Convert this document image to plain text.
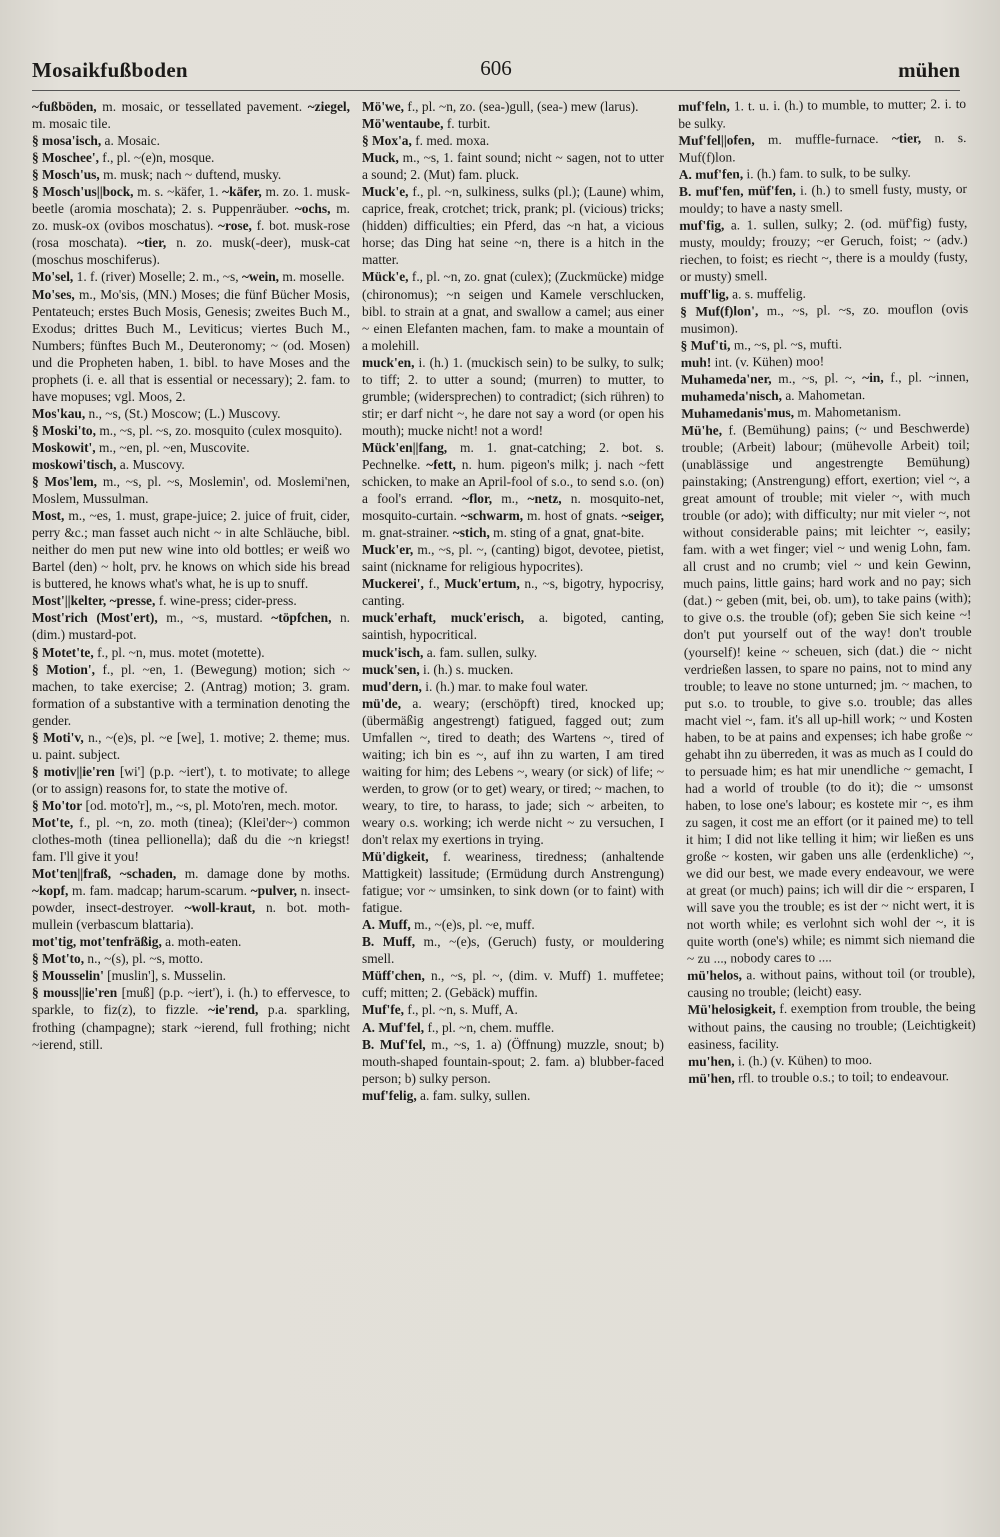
Mosaikfußboden	606	mühen

~fußböden, m. mosaic, or tessellated pavement. ~ziegel, m. mosaic tile.

§ mosa'isch, a. Mosaic.

§ Moschee', f., pl. ~(e)n, mosque.

§ Mosch'us, m. musk; nach ~ duftend, musky.

§ Mosch'us||bock, m. s. ~käfer, 1. ~käfer, m. zo. 1. musk-beetle (aromia moschata); 2. s. Puppenräuber. ~ochs, m. zo. musk-ox (ovibos moschatus). ~rose, f. bot. musk-rose (rosa moschata). ~tier, n. zo. musk(-deer), musk-cat (moschus moschiferus).

Mo'sel, 1. f. (river) Moselle; 2. m., ~s, ~wein, m. moselle.

Mo'ses, m., Mo'sis, (MN.) Moses; die fünf Bücher Mosis, Pentateuch; erstes Buch Mosis, Genesis; zweites Buch M., Exodus; drittes Buch M., Leviticus; viertes Buch M., Numbers; fünftes Buch M., Deuteronomy; ~ (od. Mosen) und die Propheten haben, 1. bibl. to have Moses and the prophets (i. e. all that is essential or necessary); 2. fam. to have mopuses; vgl. Moos, 2.

Mos'kau, n., ~s, (St.) Moscow; (L.) Muscovy.

§ Moski'to, m., ~s, pl. ~s, zo. mosquito (culex mosquito).

Moskowit', m., ~en, pl. ~en, Muscovite.

moskowi'tisch, a. Muscovy.

§ Mos'lem, m., ~s, pl. ~s, Moslemin', od. Moslemi'nen, Moslem, Mussulman.

Most, m., ~es, 1. must, grape-juice; 2. juice of fruit, cider, perry &c.; man fasset auch nicht ~ in alte Schläuche, bibl. neither do men put new wine into old bottles; er weiß wo Bartel (den) ~ holt, prv. he knows on which side his bread is buttered, he knows what's what, he is up to snuff.

Most'||kelter, ~presse, f. wine-press; cider-press.

Most'rich (Most'ert), m., ~s, mustard. ~töpfchen, n. (dim.) mustard-pot.

§ Motet'te, f., pl. ~n, mus. motet (motette).

§ Motion', f., pl. ~en, 1. (Bewegung) motion; sich ~ machen, to take exercise; 2. (Antrag) motion; 3. gram. formation of a substantive with a termination denoting the gender.

§ Moti'v, n., ~(e)s, pl. ~e [we], 1. motive; 2. theme; mus. u. paint. subject.

§ motiv||ie'ren [wi'] (p.p. ~iert'), t. to motivate; to allege (or to assign) reasons for, to state the motive of.

§ Mo'tor [od. moto'r], m., ~s, pl. Moto'ren, mech. motor.

Mot'te, f., pl. ~n, zo. moth (tinea); (Klei'der~) common clothes-moth (tinea pellionella); daß du die ~n kriegst! fam. I'll give it you!

Mot'ten||fraß, ~schaden, m. damage done by moths. ~kopf, m. fam. madcap; harum-scarum. ~pulver, n. insect-powder, insect-destroyer. ~woll-kraut, n. bot. moth-mullein (verbascum blattaria).

mot'tig, mot'tenfräßig, a. moth-eaten.

§ Mot'to, n., ~(s), pl. ~s, motto.

§ Mousselin' [muslin'], s. Musselin.

§ mouss||ie'ren [muß] (p.p. ~iert'), i. (h.) to effervesce, to sparkle, to fiz(z), to fizzle. ~ie'rend, p.a. sparkling, frothing (champagne); stark ~ierend, full frothing; nicht ~ierend, still.

Mö'we, f., pl. ~n, zo. (sea-)gull, (sea-) mew (larus).

Mö'wentaube, f. turbit.

§ Mox'a, f. med. moxa.

Muck, m., ~s, 1. faint sound; nicht ~ sagen, not to utter a sound; 2. (Mut) fam. pluck.

Muck'e, f., pl. ~n, sulkiness, sulks (pl.); (Laune) whim, caprice, freak, crotchet; trick, prank; pl. (vicious) tricks; (hidden) difficulties; ein Pferd, das ~n hat, a vicious horse; das Ding hat seine ~n, there is a hitch in the matter.

Mück'e, f., pl. ~n, zo. gnat (culex); (Zuckmücke) midge (chironomus); ~n seigen und Kamele verschlucken, bibl. to strain at a gnat, and swallow a camel; aus einer ~ einen Elefanten machen, fam. to make a mountain of a molehill.

muck'en, i. (h.) 1. (muckisch sein) to be sulky, to sulk; to tiff; 2. to utter a sound; (murren) to mutter, to grumble; (widersprechen) to contradict; (sich rühren) to stir; er darf nicht ~, he dare not say a word (or open his mouth); mucke nicht! not a word!

Mück'en||fang, m. 1. gnat-catching; 2. bot. s. Pechnelke. ~fett, n. hum. pigeon's milk; j. nach ~fett schicken, to make an April-fool of s.o., to send s.o. (on) a fool's errand. ~flor, m., ~netz, n. mosquito-net, mosquito-curtain. ~schwarm, m. host of gnats. ~seiger, m. gnat-strainer. ~stich, m. sting of a gnat, gnat-bite.

Muck'er, m., ~s, pl. ~, (canting) bigot, devotee, pietist, saint (nickname for religious hypocrites).

Muckerei', f., Muck'ertum, n., ~s, bigotry, hypocrisy, canting.

muck'erhaft, muck'erisch, a. bigoted, canting, saintish, hypocritical.

muck'isch, a. fam. sullen, sulky.

muck'sen, i. (h.) s. mucken.

mud'dern, i. (h.) mar. to make foul water.

mü'de, a. weary; (erschöpft) tired, knocked up; (übermäßig angestrengt) fatigued, fagged out; zum Umfallen ~, tired to death; des Wartens ~, tired of waiting; ich bin es ~, auf ihn zu warten, I am tired waiting for him; des Lebens ~, weary (or sick) of life; ~ werden, to grow (or to get) weary, or tired; ~ machen, to weary, to tire, to harass, to jade; sich ~ arbeiten, to weary o.s. working; ich werde nicht ~ zu versuchen, I don't relax my exertions in trying.

Mü'digkeit, f. weariness, tiredness; (anhaltende Mattigkeit) lassitude; (Ermüdung durch Anstrengung) fatigue; vor ~ umsinken, to sink down (or to faint) with fatigue.

A. Muff, m., ~(e)s, pl. ~e, muff.

B. Muff, m., ~(e)s, (Geruch) fusty, or mouldering smell.

Müff'chen, n., ~s, pl. ~, (dim. v. Muff) 1. muffetee; cuff; mitten; 2. (Gebäck) muffin.

Muf'fe, f., pl. ~n, s. Muff, A.

A. Muf'fel, f., pl. ~n, chem. muffle.

B. Muf'fel, m., ~s, 1. a) (Öffnung) muzzle, snout; b) mouth-shaped fountain-spout; 2. fam. a) blubber-faced person; b) sulky person.

muf'felig, a. fam. sulky, sullen.

muf'feln, 1. t. u. i. (h.) to mumble, to mutter; 2. i. to be sulky.

Muf'fel||ofen, m. muffle-furnace. ~tier, n. s. Muf(f)lon.

A. muf'fen, i. (h.) fam. to sulk, to be sulky.

B. muf'fen, müf'fen, i. (h.) to smell fusty, musty, or mouldy; to have a nasty smell.

muf'fig, a. 1. sullen, sulky; 2. (od. müf'fig) fusty, musty, mouldy; frouzy; ~er Geruch, foist; ~ (adv.) riechen, to foist; es riecht ~, there is a mouldy (fusty, or musty) smell.

muff'lig, a. s. muffelig.

§ Muf(f)lon', m., ~s, pl. ~s, zo. mouflon (ovis musimon).

§ Muf'ti, m., ~s, pl. ~s, mufti.

muh! int. (v. Kühen) moo!

Muhameda'ner, m., ~s, pl. ~, ~in, f., pl. ~innen, muhameda'nisch, a. Mahometan.

Muhamedanis'mus, m. Mahometanism.

Mü'he, f. (Bemühung) pains; (~ und Beschwerde) trouble; (Arbeit) labour; (mühevolle Arbeit) toil; (unablässige und angestrengte Bemühung) painstaking; (Anstrengung) effort, exertion; viel ~, a great amount of trouble; mit vieler ~, with much trouble (or ado); with difficulty; nur mit vieler ~, not without considerable pains; mit leichter ~, easily; fam. with a wet finger; viel ~ und wenig Lohn, fam. all crust and no crumb; viel ~ und kein Gewinn, much pains, little gains; hard work and no pay; sich (dat.) ~ geben (mit, bei, ob. um), to take pains (with); to give o.s. the trouble (of); geben Sie sich keine ~! don't put yourself out of the way! don't trouble (yourself)! keine ~ scheuen, sich (dat.) die ~ nicht verdrießen lassen, to spare no pains, not to mind any trouble; to leave no stone unturned; jm. ~ machen, to put s.o. to trouble, to give s.o. trouble; das alles macht viel ~, fam. it's all up-hill work; ~ und Kosten haben, to be at pains and expenses; ich habe große ~ gehabt ihn zu überreden, it was as much as I could do to persuade him; es hat mir unendliche ~ gemacht, I had a world of trouble (to do it); die ~ umsonst haben, to lose one's labour; es kostete mir ~, es ihm zu sagen, it cost me an effort (or it pained me) to tell it him; I did not like telling it him; wir ließen es uns große ~ kosten, wir gaben uns alle (erdenkliche) ~, we did our best, we made every endeavour, we were at great (or much) pains; ich will dir die ~ ersparen, I will save you the trouble; es ist der ~ nicht wert, it is not worth while; es verlohnt sich wohl der ~, it is quite worth (one's) while; es nimmt sich niemand die ~ zu ..., nobody cares to ....

mü'helos, a. without pains, without toil (or trouble), causing no trouble; (leicht) easy.

Mü'helosigkeit, f. exemption from trouble, the being without pains, the causing no trouble; (Leichtigkeit) easiness, facility.

mu'hen, i. (h.) (v. Kühen) to moo.

mü'hen, rfl. to trouble o.s.; to toil; to endeavour.
